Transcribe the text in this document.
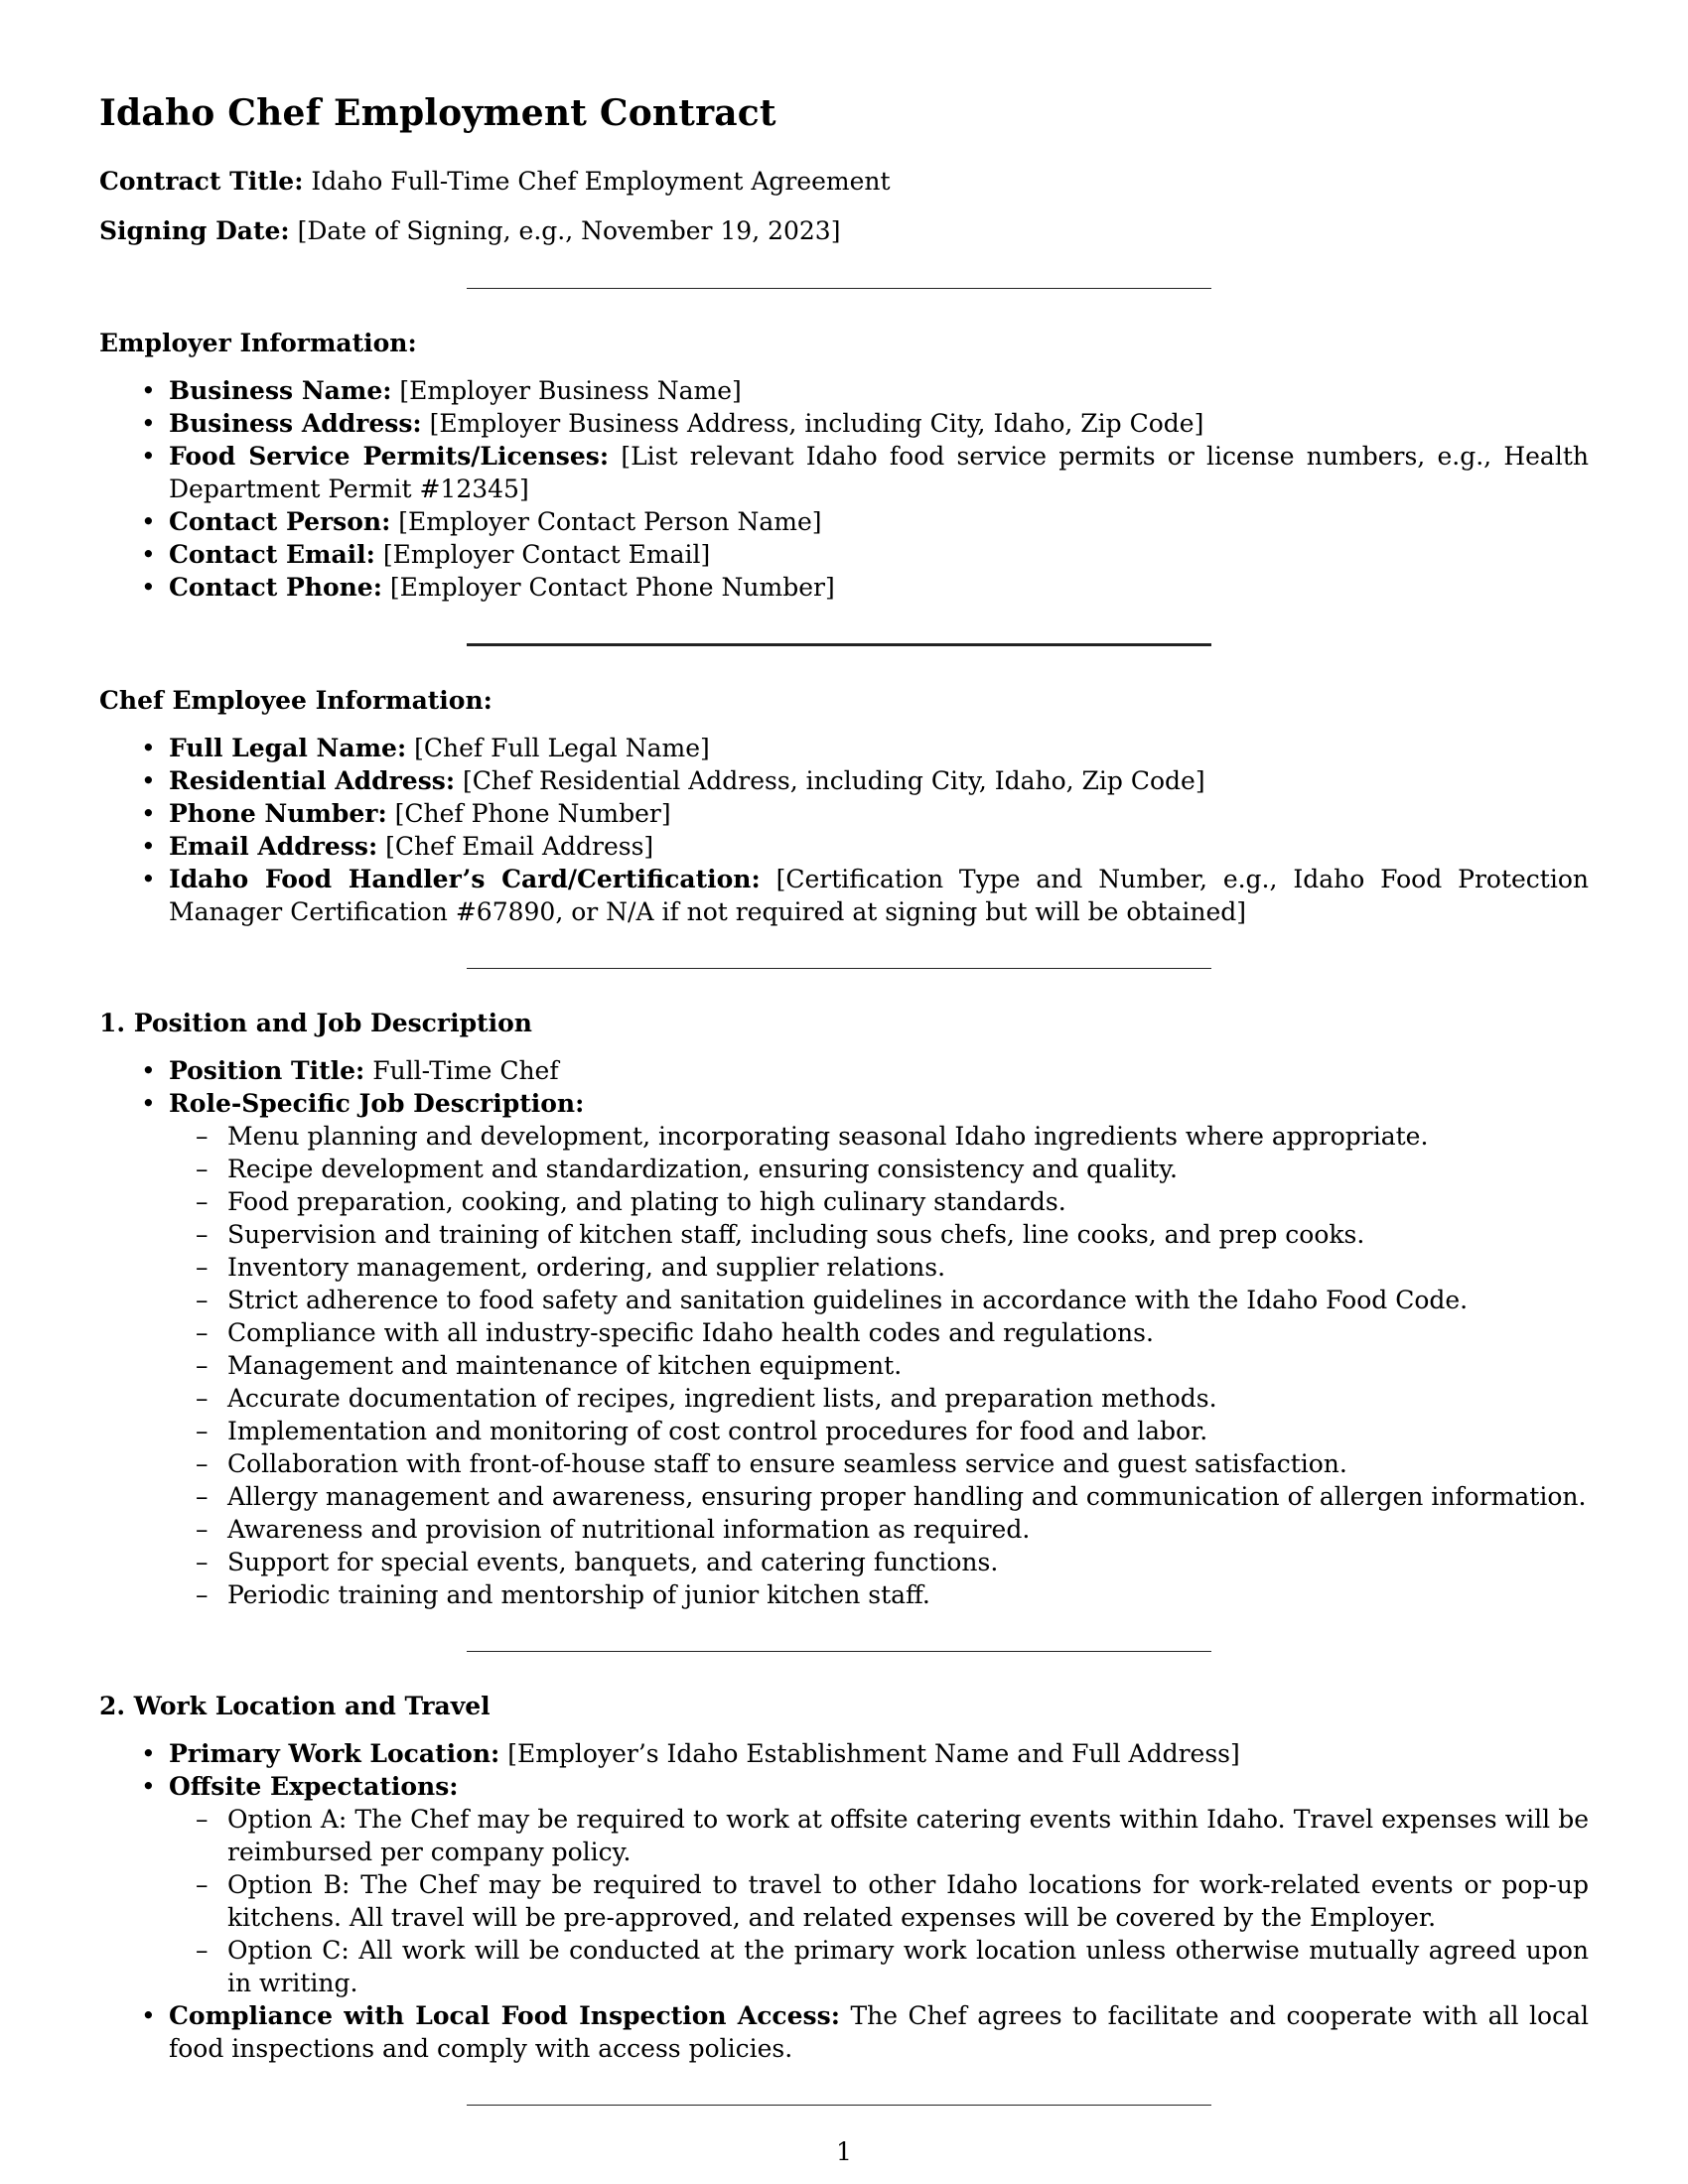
Idaho Chef Employment Contract

Contract Title: Idaho Full-Time Chef Employment Agreement

Signing Date: [Date of Signing, e.g., November 19, 2023]

Employer Information:
• Business Name: [Employer Business Name]
• Business Address: [Employer Business Address, including City, Idaho, Zip Code]
• Food Service Permits/Licenses: [List relevant Idaho food service permits or license numbers, e.g., Health Department Permit #12345]
• Contact Person: [Employer Contact Person Name]
• Contact Email: [Employer Contact Email]
• Contact Phone: [Employer Contact Phone Number]
Chef Employee Information:
• Full Legal Name: [Chef Full Legal Name]
• Residential Address: [Chef Residential Address, including City, Idaho, Zip Code]
• Phone Number: [Chef Phone Number]
• Email Address: [Chef Email Address]
• Idaho Food Handler’s Card/Certification: [Certification Type and Number, e.g., Idaho Food Protection Manager Certification #67890, or N/A if not required at signing but will be obtained]
1. Position and Job Description
• Position Title: Full-Time Chef
• Role-Specific Job Description:
– Menu planning and development, incorporating seasonal Idaho ingredients where appropriate.
– Recipe development and standardization, ensuring consistency and quality.
– Food preparation, cooking, and plating to high culinary standards.
– Supervision and training of kitchen staff, including sous chefs, line cooks, and prep cooks.
– Inventory management, ordering, and supplier relations.
– Strict adherence to food safety and sanitation guidelines in accordance with the Idaho Food Code.
– Compliance with all industry-specific Idaho health codes and regulations.
– Management and maintenance of kitchen equipment.
– Accurate documentation of recipes, ingredient lists, and preparation methods.
– Implementation and monitoring of cost control procedures for food and labor.
– Collaboration with front-of-house staff to ensure seamless service and guest satisfaction.
– Allergy management and awareness, ensuring proper handling and communication of allergen information.
– Awareness and provision of nutritional information as required.
– Support for special events, banquets, and catering functions.
– Periodic training and mentorship of junior kitchen staff.
2. Work Location and Travel
• Primary Work Location: [Employer’s Idaho Establishment Name and Full Address]
• Offsite Expectations:
– Option A: The Chef may be required to work at offsite catering events within Idaho. Travel expenses will be reimbursed per company policy.
– Option B: The Chef may be required to travel to other Idaho locations for work-related events or pop-up kitchens. All travel will be pre-approved, and related expenses will be covered by the Employer.
– Option C: All work will be conducted at the primary work location unless otherwise mutually agreed upon in writing.
• Compliance with Local Food Inspection Access: The Chef agrees to facilitate and cooperate with all local food inspections and comply with access policies.
1
